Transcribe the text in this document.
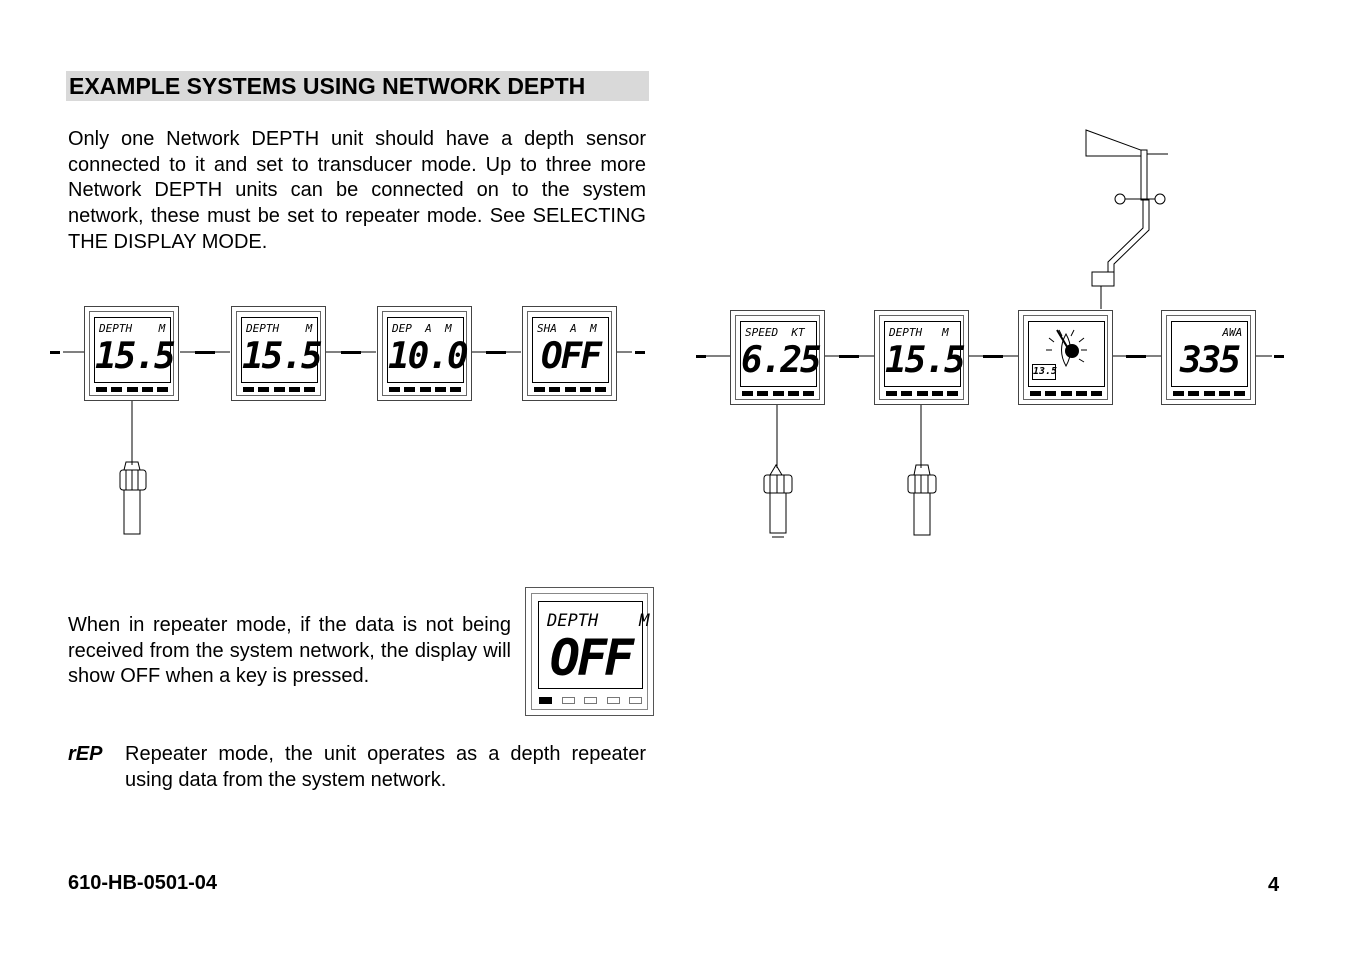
EXAMPLE SYSTEMS USING NETWORK DEPTH

Only one Network DEPTH unit should have a depth sensor connected to it and set to transducer mode. Up to three more Network DEPTH units can be connected on to the system network, these must be set to repeater mode. See SELECTING THE DISPLAY MODE.

DEPTH    M
15.5
DEPTH    M
15.5
DEP  A  M
10.0
SHA  A  M
OFF
SPEED  KT
6.25
DEPTH   M
15.5	13.5
AWA
335

When in repeater mode, if the data is not being received from the system network, the display will show OFF when a key is pressed.

DEPTH    M
OFF
rEP Repeater mode, the unit operates as a depth repeater using data from the system network.

610-HB-0501-04	4
